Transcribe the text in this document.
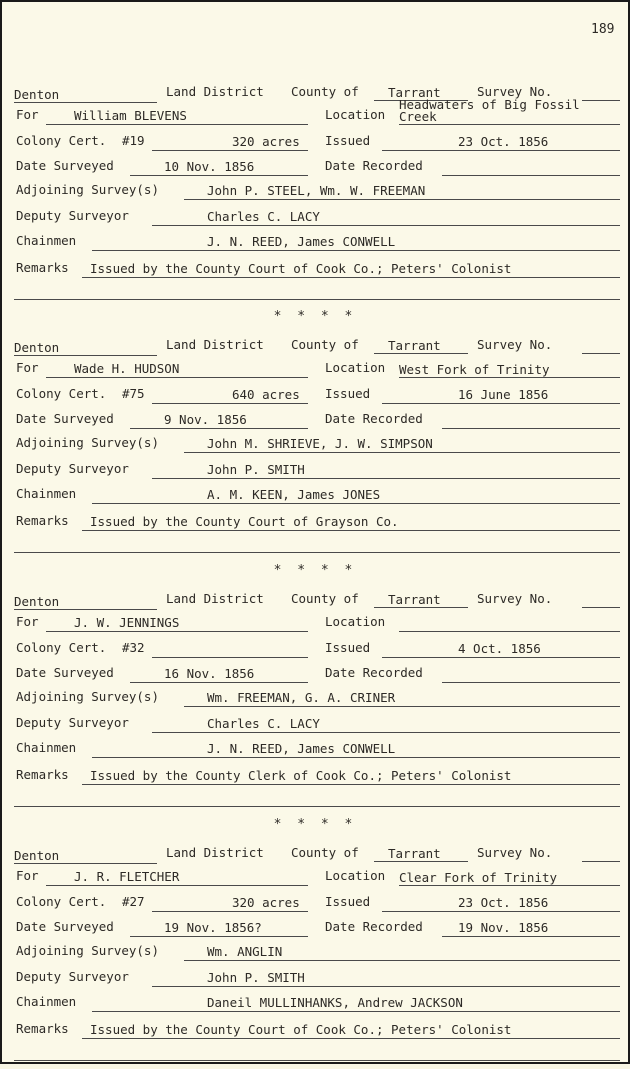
189
Denton	Land District County of Tarrant	Survey No.
For	William BLEVENS	Location
Headwaters of Big Fossil
Creek
Colony Cert. #19	320 acres Issued	23 Oct. 1856
Date Surveyed	10 Nov. 1856	Date Recorded
Adjoining Survey(s)	John P. STEEL, Wm. W. FREEMAN
Deputy Surveyor	Charles C. LACY
Chainmen	J. N. REED, James CONWELL
Remarks Issued by the County Court of Cook Co.; Peters' Colonist
* * * *
Denton	Land District County of Tarrant	Survey No.
For	Wade H. HUDSON	Location West Fork of Trinity
Colony Cert. #75	640 acres Issued	16 June 1856
Date Surveyed	9 Nov. 1856	Date Recorded
Adjoining Survey(s)	John M. SHRIEVE, J. W. SIMPSON
Deputy Surveyor	John P. SMITH
Chainmen	A. M. KEEN, James JONES
Remarks Issued by the County Court of Grayson Co.
* * * *
Denton	Land District County of Tarrant	Survey No.
For	J. W. JENNINGS	Location
Colony Cert. #32	Issued	4 Oct. 1856
Date Surveyed	16 Nov. 1856	Date Recorded
Adjoining Survey(s)	Wm. FREEMAN, G. A. CRINER
Deputy Surveyor	Charles C. LACY
Chainmen	J. N. REED, James CONWELL
Remarks Issued by the County Clerk of Cook Co.; Peters' Colonist
* * * *
Denton	Land District County of Tarrant	Survey No.
For	J. R. FLETCHER	Location Clear Fork of Trinity
Colony Cert. #27	320 acres Issued	23 Oct. 1856
Date Surveyed	19 Nov. 1856?	Date Recorded	19 Nov. 1856
Adjoining Survey(s)	Wm. ANGLIN
Deputy Surveyor	John P. SMITH
Chainmen	Daneil MULLINHANKS, Andrew JACKSON
Remarks Issued by the County Court of Cook Co.; Peters' Colonist
